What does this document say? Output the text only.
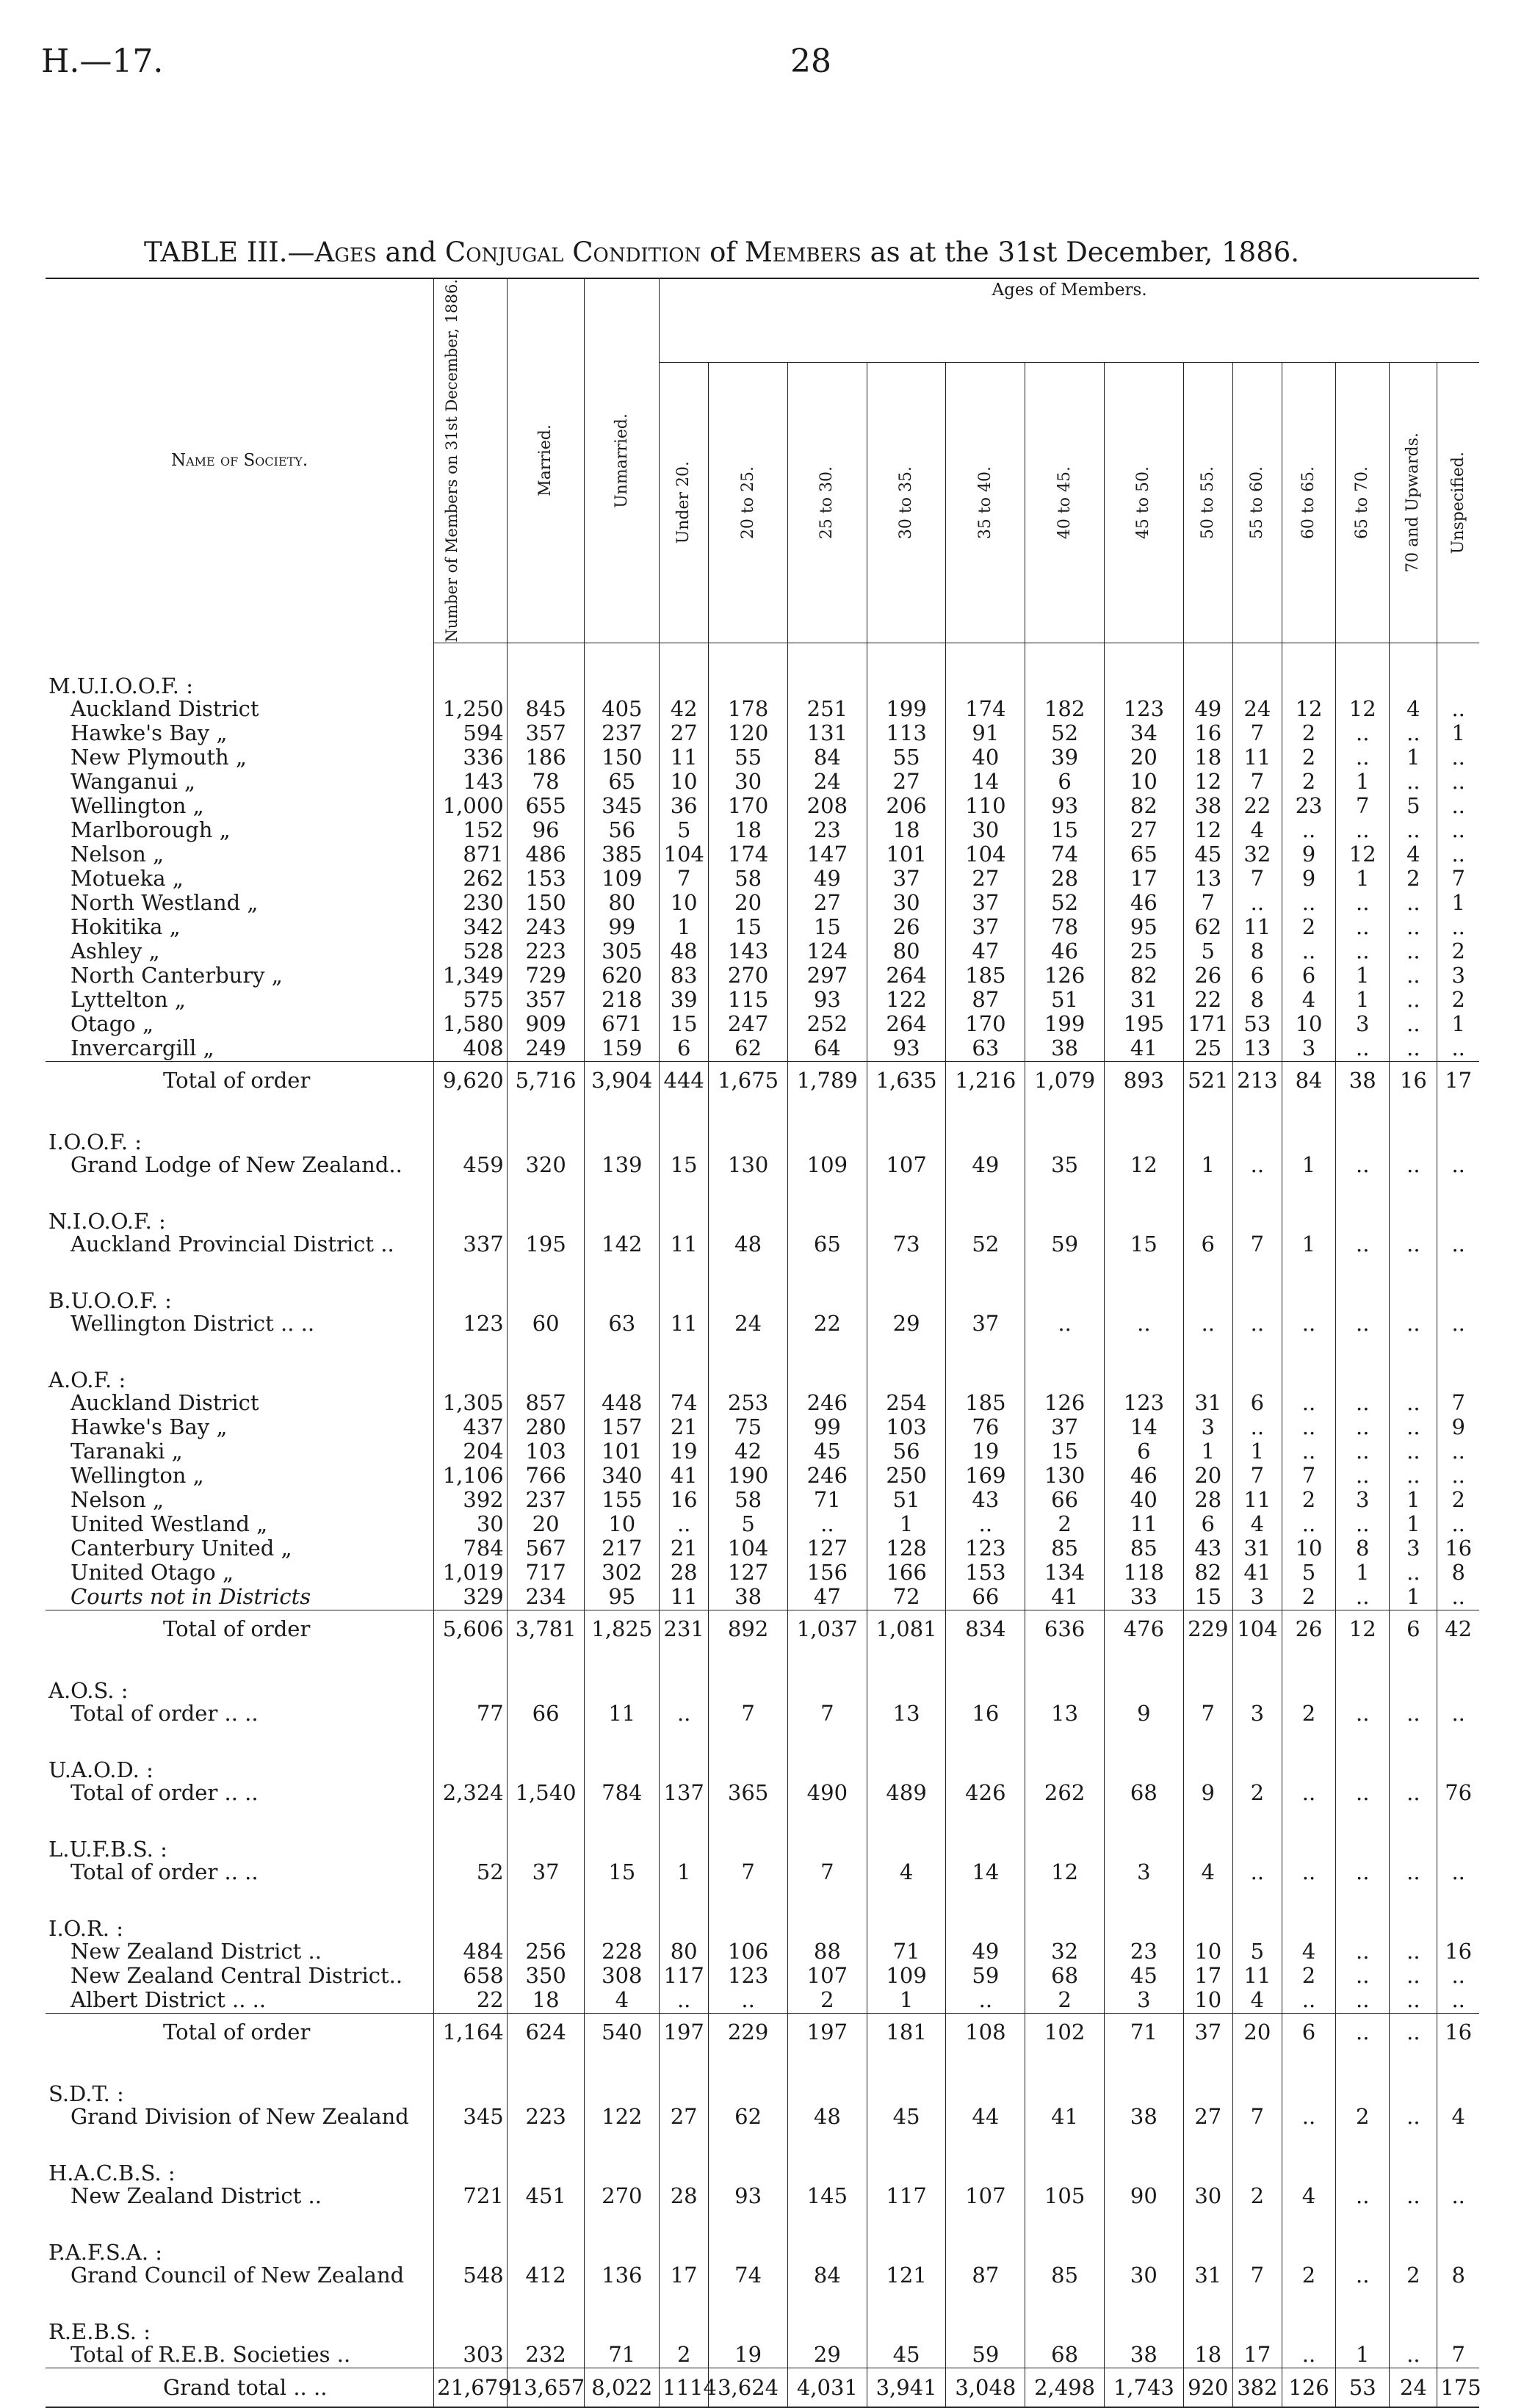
H.—17.	28
TABLE III.—Ages and Conjugal Condition of Members as at the 31st December, 1886.
Name of Society.	Number of Members on 31st December, 1886.	Married.	Unmarried.	Ages of Members.												

				Under 20.	20 to 25.	25 to 30.	30 to 35.	35 to 40.	40 to 45.	45 to 50.	50 to 55.	55 to 60.	60 to 65.	65 to 70.	70 and Upwards.	Unspecified.

M.U.I.O.O.F. :																
Auckland District	1,250	845	405	42	178	251	199	174	182	123	49	24	12	12	4	..
Hawke's Bay „	594	357	237	27	120	131	113	91	52	34	16	7	2	..	..	1
New Plymouth „	336	186	150	11	55	84	55	40	39	20	18	11	2	..	1	..
Wanganui „	143	78	65	10	30	24	27	14	6	10	12	7	2	1	..	..
Wellington „	1,000	655	345	36	170	208	206	110	93	82	38	22	23	7	5	..
Marlborough „	152	96	56	5	18	23	18	30	15	27	12	4	..	..	..	..
Nelson „	871	486	385	104	174	147	101	104	74	65	45	32	9	12	4	..
Motueka „	262	153	109	7	58	49	37	27	28	17	13	7	9	1	2	7
North Westland „	230	150	80	10	20	27	30	37	52	46	7	..	..	..	..	1
Hokitika „	342	243	99	1	15	15	26	37	78	95	62	11	2	..	..	..
Ashley „	528	223	305	48	143	124	80	47	46	25	5	8	..	..	..	2
North Canterbury „	1,349	729	620	83	270	297	264	185	126	82	26	6	6	1	..	3
Lyttelton „	575	357	218	39	115	93	122	87	51	31	22	8	4	1	..	2
Otago „	1,580	909	671	15	247	252	264	170	199	195	171	53	10	3	..	1
Invercargill „	408	249	159	6	62	64	93	63	38	41	25	13	3	..	..	..
Total of order	9,620	5,716	3,904	444	1,675	1,789	1,635	1,216	1,079	893	521	213	84	38	16	17
I.O.O.F. :																
Grand Lodge of New Zealand..	459	320	139	15	130	109	107	49	35	12	1	..	1	..	..	..
N.I.O.O.F. :																
Auckland Provincial District ..	337	195	142	11	48	65	73	52	59	15	6	7	1	..	..	..
B.U.O.O.F. :																
Wellington District .. ..	123	60	63	11	24	22	29	37	..	..	..	..	..	..	..	..
A.O.F. :																
Auckland District	1,305	857	448	74	253	246	254	185	126	123	31	6	..	..	..	7
Hawke's Bay „	437	280	157	21	75	99	103	76	37	14	3	..	..	..	..	9
Taranaki „	204	103	101	19	42	45	56	19	15	6	1	1	..	..	..	..
Wellington „	1,106	766	340	41	190	246	250	169	130	46	20	7	7	..	..	..
Nelson „	392	237	155	16	58	71	51	43	66	40	28	11	2	3	1	2
United Westland „	30	20	10	..	5	..	1	..	2	11	6	4	..	..	1	..
Canterbury United „	784	567	217	21	104	127	128	123	85	85	43	31	10	8	3	16
United Otago „	1,019	717	302	28	127	156	166	153	134	118	82	41	5	1	..	8
Courts not in Districts	329	234	95	11	38	47	72	66	41	33	15	3	2	..	1	..
Total of order	5,606	3,781	1,825	231	892	1,037	1,081	834	636	476	229	104	26	12	6	42
A.O.S. :																
Total of order .. ..	77	66	11	..	7	7	13	16	13	9	7	3	2	..	..	..
U.A.O.D. :																
Total of order .. ..	2,324	1,540	784	137	365	490	489	426	262	68	9	2	..	..	..	76
L.U.F.B.S. :																
Total of order .. ..	52	37	15	1	7	7	4	14	12	3	4	..	..	..	..	..
I.O.R. :																
New Zealand District ..	484	256	228	80	106	88	71	49	32	23	10	5	4	..	..	16
New Zealand Central District..	658	350	308	117	123	107	109	59	68	45	17	11	2	..	..	..
Albert District .. ..	22	18	4	..	..	2	1	..	2	3	10	4	..	..	..	..
Total of order	1,164	624	540	197	229	197	181	108	102	71	37	20	6	..	..	16
S.D.T. :																
Grand Division of New Zealand	345	223	122	27	62	48	45	44	41	38	27	7	..	2	..	4
H.A.C.B.S. :																
New Zealand District ..	721	451	270	28	93	145	117	107	105	90	30	2	4	..	..	..
P.A.F.S.A. :																
Grand Council of New Zealand	548	412	136	17	74	84	121	87	85	30	31	7	2	..	2	8
R.E.B.S. :																
Total of R.E.B. Societies ..	303	232	71	2	19	29	45	59	68	38	18	17	..	1	..	7
Grand total .. ..	21,679	13,657	8,022	1114	3,624	4,031	3,941	3,048	2,498	1,743	920	382	126	53	24	175
